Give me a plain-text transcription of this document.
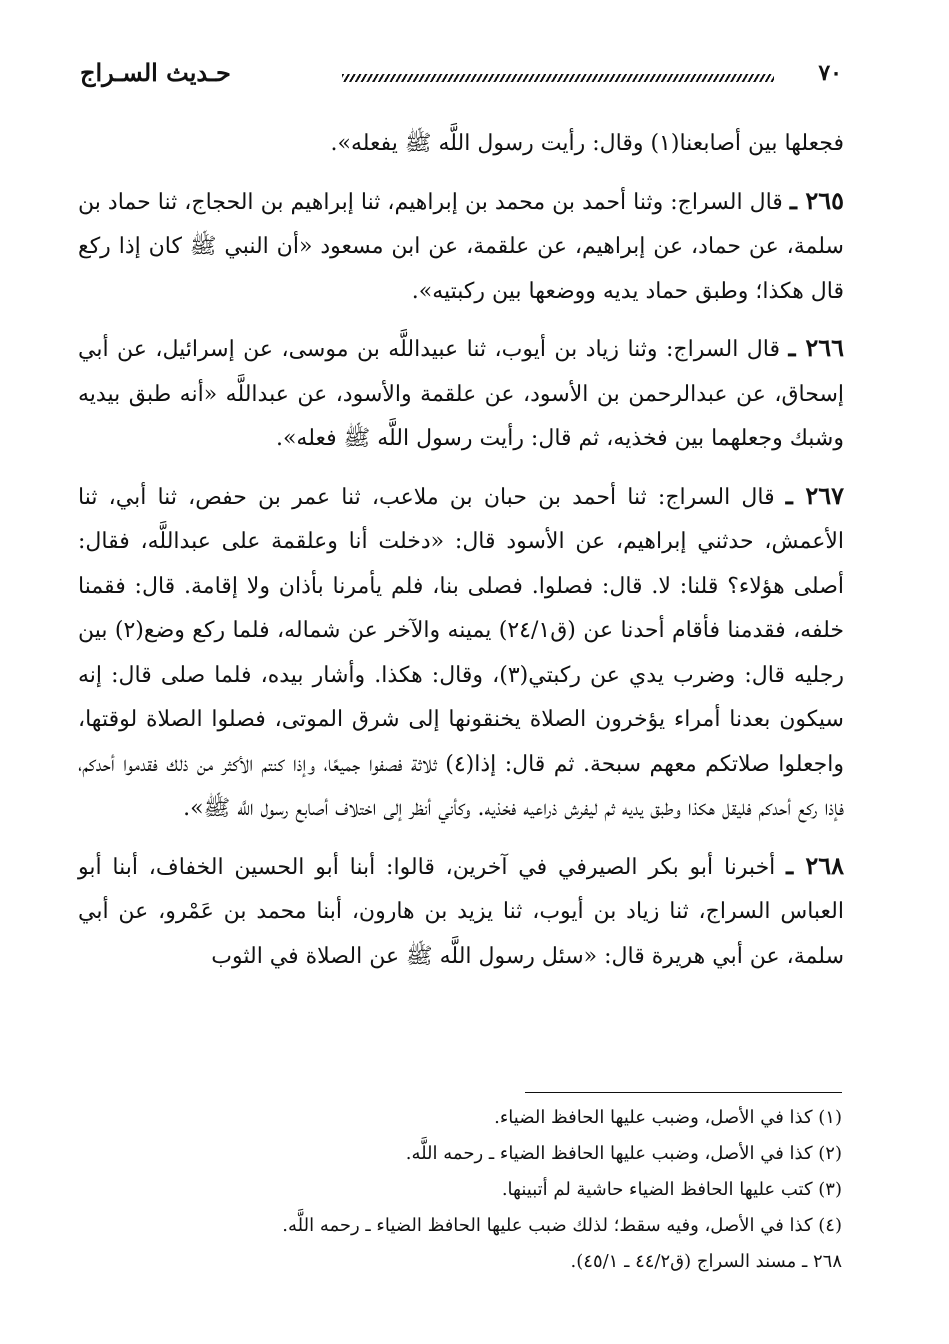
حـديث السـراج	٧٠

فجعلها بين أصابعنا(١) وقال: رأيت رسول اللَّه ﷺ يفعله».

٢٦٥ ـ قال السراج: وثنا أحمد بن محمد بن إبراهيم، ثنا إبراهيم بن الحجاج، ثنا حماد بن سلمة، عن حماد، عن إبراهيم، عن علقمة، عن ابن مسعود «أن النبي ﷺ كان إذا ركع قال هكذا؛ وطبق حماد يديه ووضعها بين ركبتيه».

٢٦٦ ـ قال السراج: وثنا زياد بن أيوب، ثنا عبيداللَّه بن موسى، عن إسرائيل، عن أبي إسحاق، عن عبدالرحمن بن الأسود، عن علقمة والأسود، عن عبداللَّه «أنه طبق بيديه وشبك وجعلهما بين فخذيه، ثم قال: رأيت رسول اللَّه ﷺ فعله».

٢٦٧ ـ قال السراج: ثنا أحمد بن حبان بن ملاعب، ثنا عمر بن حفص، ثنا أبي، ثنا الأعمش، حدثني إبراهيم، عن الأسود قال: «دخلت أنا وعلقمة على عبداللَّه، فقال: أصلى هؤلاء؟ قلنا: لا. قال: فصلوا. فصلى بنا، فلم يأمرنا بأذان ولا إقامة. قال: فقمنا خلفه، فقدمنا فأقام أحدنا عن (ق٢٤/١) يمينه والآخر عن شماله، فلما ركع وضع(٢) بين رجليه قال: وضرب يدي عن ركبتي(٣)، وقال: هكذا. وأشار بيده، فلما صلى قال: إنه سيكون بعدنا أمراء يؤخرون الصلاة يخنقونها إلى شرق الموتى، فصلوا الصلاة لوقتها، واجعلوا صلاتكم معهم سبحة. ثم قال: إذا(٤) ثلاثة فصفوا جميعًا، وإذا كنتم الأكثر من ذلك فقدموا أحدكم، فإذا ركع أحدكم فليقل هكذا وطبق يديه ثم ليفرش ذراعيه فخذيه. وكأني أنظر إلى اختلاف أصابع رسول اللَّه ﷺ».

٢٦٨ ـ أخبرنا أبو بكر الصيرفي في آخرين، قالوا: أبنا أبو الحسين الخفاف، أبنا أبو العباس السراج، ثنا زياد بن أيوب، ثنا يزيد بن هارون، أبنا محمد بن عَمْرو، عن أبي سلمة، عن أبي هريرة قال: «سئل رسول اللَّه ﷺ عن الصلاة في الثوب

(١) كذا في الأصل، وضبب عليها الحافظ الضياء.

(٢) كذا في الأصل، وضبب عليها الحافظ الضياء ـ رحمه اللَّه.

(٣) كتب عليها الحافظ الضياء حاشية لم أتبينها.

(٤) كذا في الأصل، وفيه سقط؛ لذلك ضبب عليها الحافظ الضياء ـ رحمه اللَّه.

٢٦٨ ـ مسند السراج (ق٤٤/٢ ـ ٤٥/١).
